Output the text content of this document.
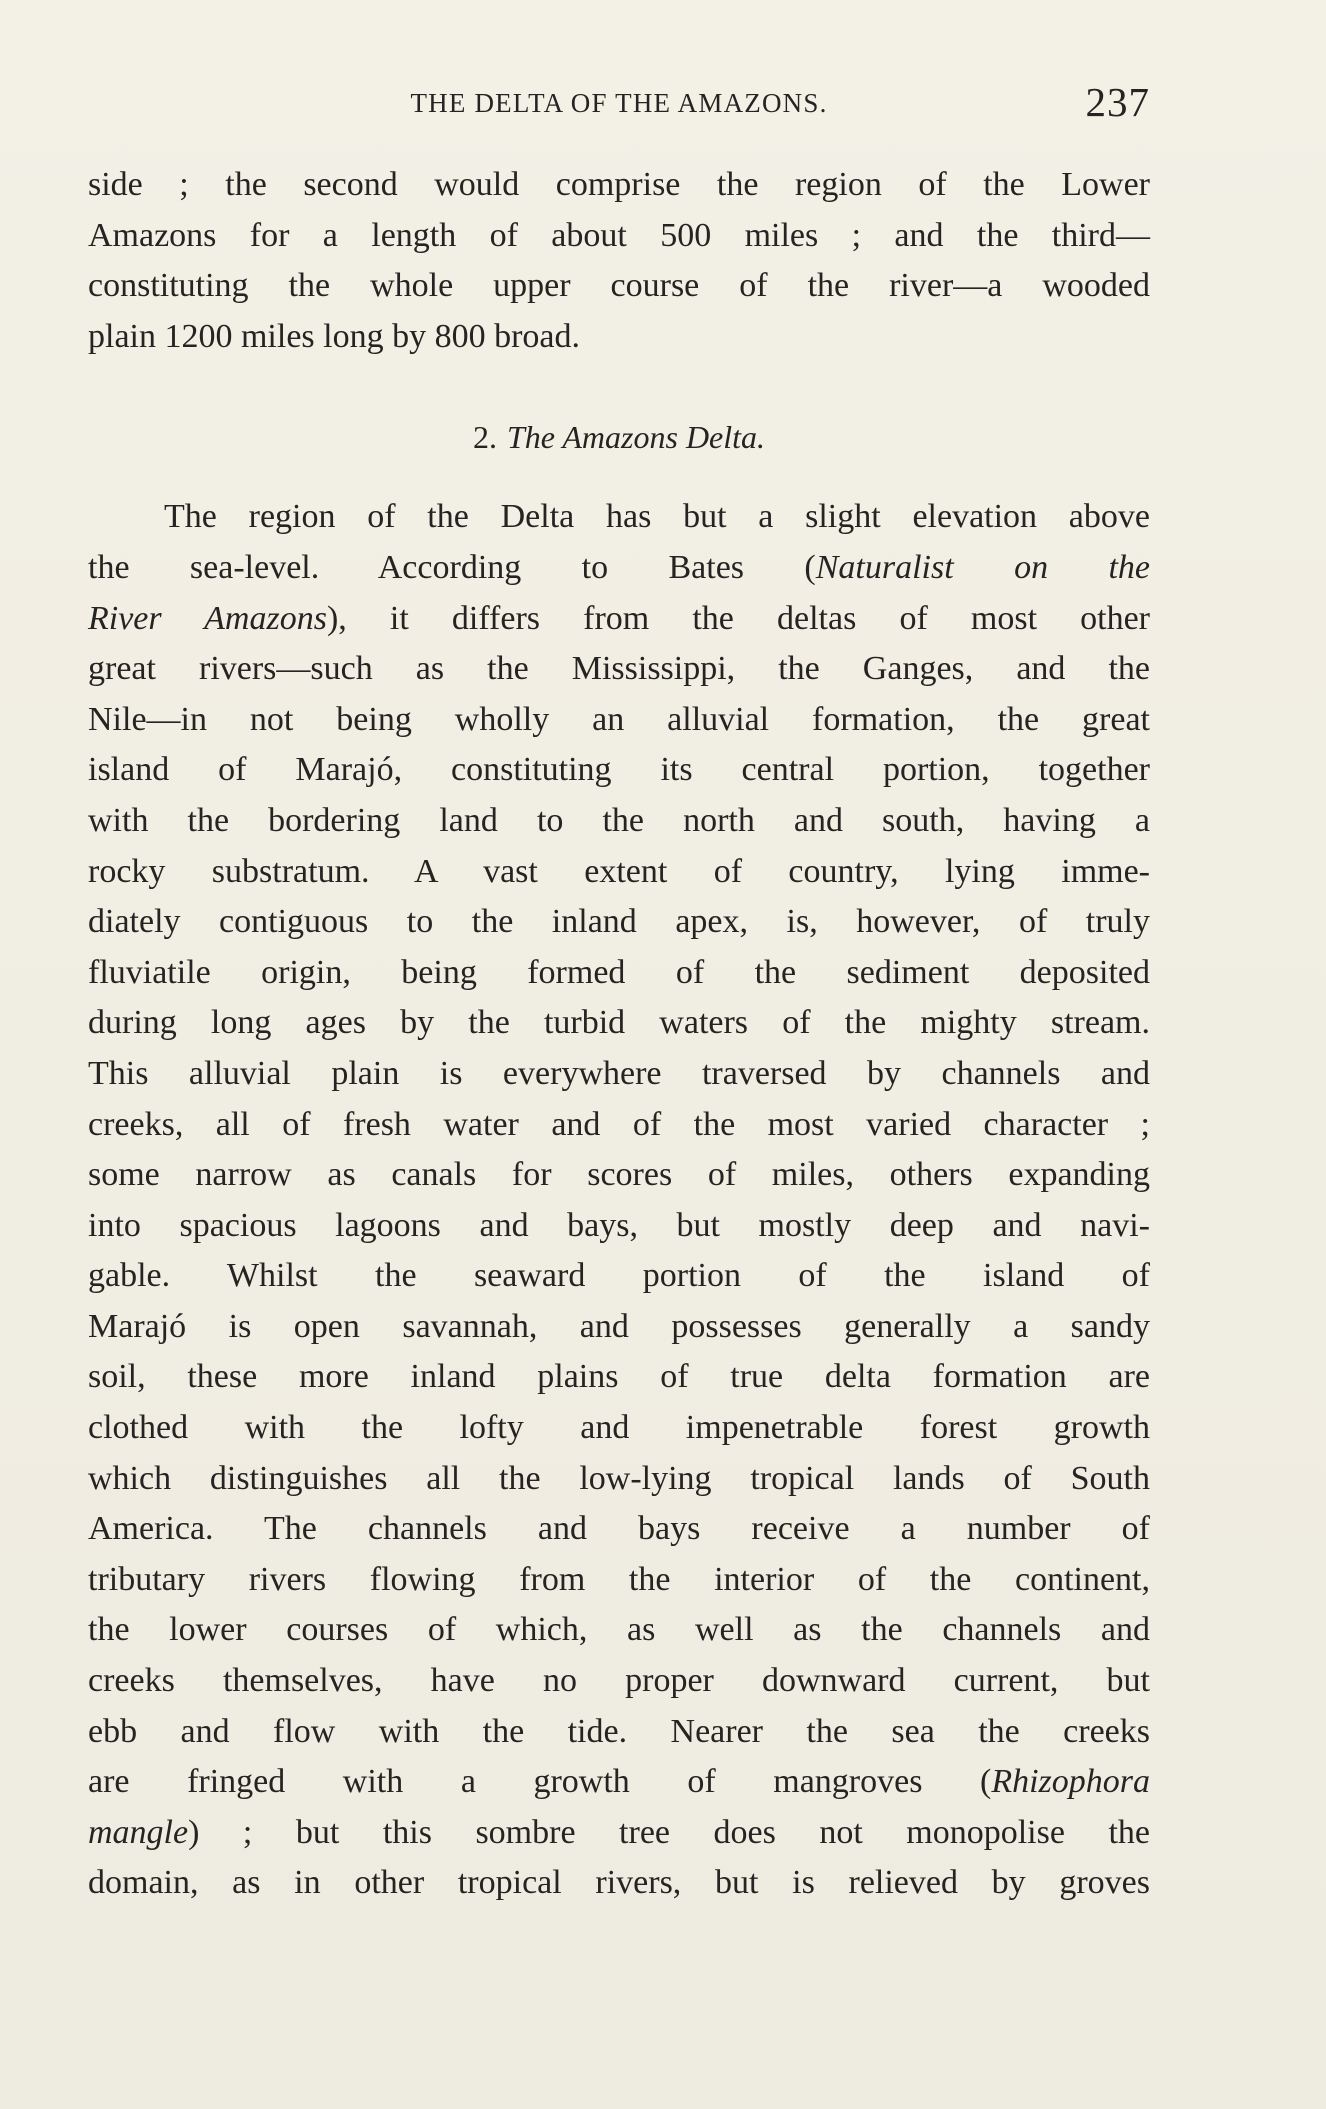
THE DELTA OF THE AMAZONS.	237
side ; the second would comprise the region of the Lower
Amazons for a length of about 500 miles ; and the third—
constituting the whole upper course of the river—a wooded
plain 1200 miles long by 800 broad.
2. The Amazons Delta.
The region of the Delta has but a slight elevation above
the sea-level. According to Bates (Naturalist on the
River Amazons), it differs from the deltas of most other
great rivers—such as the Mississippi, the Ganges, and the
Nile—in not being wholly an alluvial formation, the great
island of Marajó, constituting its central portion, together
with the bordering land to the north and south, having a
rocky substratum. A vast extent of country, lying imme-
diately contiguous to the inland apex, is, however, of truly
fluviatile origin, being formed of the sediment deposited
during long ages by the turbid waters of the mighty stream.
This alluvial plain is everywhere traversed by channels and
creeks, all of fresh water and of the most varied character ;
some narrow as canals for scores of miles, others expanding
into spacious lagoons and bays, but mostly deep and navi-
gable. Whilst the seaward portion of the island of
Marajó is open savannah, and possesses generally a sandy
soil, these more inland plains of true delta formation are
clothed with the lofty and impenetrable forest growth
which distinguishes all the low-lying tropical lands of South
America. The channels and bays receive a number of
tributary rivers flowing from the interior of the continent,
the lower courses of which, as well as the channels and
creeks themselves, have no proper downward current, but
ebb and flow with the tide. Nearer the sea the creeks
are fringed with a growth of mangroves (Rhizophora
mangle) ; but this sombre tree does not monopolise the
domain, as in other tropical rivers, but is relieved by groves
